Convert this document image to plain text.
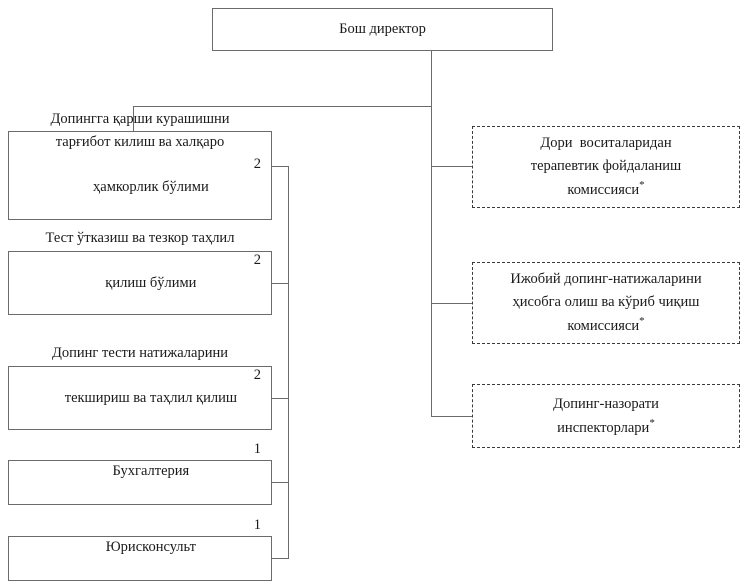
Бош директор
Допингга қарши курашишни
тарғибот килиш ва халқаро

ҳамкорлик бўлими

2

Тест ўтказиш ва тезкор таҳлил

қилиш бўлими

2

Допинг тести натижаларини

текшириш ва таҳлил қилиш

2

Бухгалтерия

1

Юрисконсульт

1

Дори  воситаларидан
терапевтик фойдаланиш
комиссияси*
Ижобий допинг-натижаларини
ҳисобга олиш ва кўриб чиқиш
комиссияси*
Допинг-назорати
инспекторлари*
